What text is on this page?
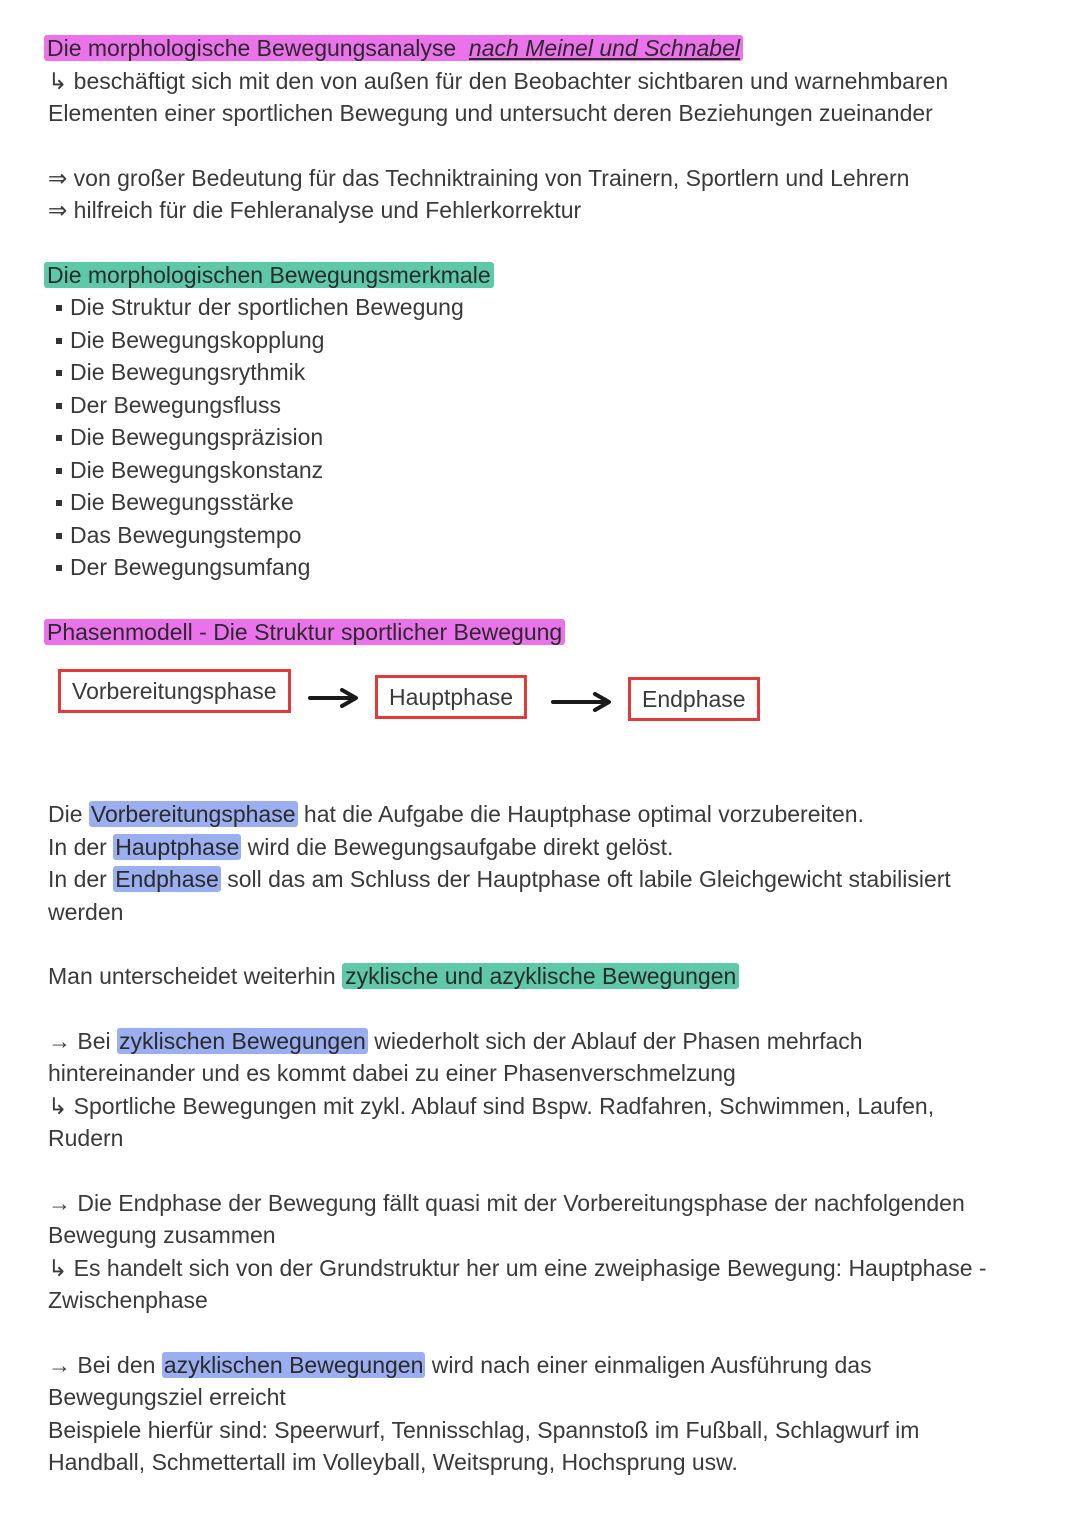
Die morphologische Bewegungsanalyse nach Meinel und Schnabel

↳ beschäftigt sich mit den von außen für den Beobachter sichtbaren und warnehmbaren

Elementen einer sportlichen Bewegung und untersucht deren Beziehungen zueinander

⇒ von großer Bedeutung für das Techniktraining von Trainern, Sportlern und Lehrern

⇒ hilfreich für die Fehleranalyse und Fehlerkorrektur

Die morphologischen Bewegungsmerkmale

Die Struktur der sportlichen Bewegung
Die Bewegungskopplung
Die Bewegungsrythmik
Der Bewegungsfluss
Die Bewegungspräzision
Die Bewegungskonstanz
Die Bewegungsstärke
Das Bewegungstempo
Der Bewegungsumfang

Phasenmodell - Die Struktur sportlicher Bewegung

Vorbereitungsphase	Hauptphase	Endphase

Die Vorbereitungsphase hat die Aufgabe die Hauptphase optimal vorzubereiten.

In der Hauptphase wird die Bewegungsaufgabe direkt gelöst.

In der Endphase soll das am Schluss der Hauptphase oft labile Gleichgewicht stabilisiert

werden

Man unterscheidet weiterhin zyklische und azyklische Bewegungen

→ Bei zyklischen Bewegungen wiederholt sich der Ablauf der Phasen mehrfach

hintereinander und es kommt dabei zu einer Phasenverschmelzung

↳ Sportliche Bewegungen mit zykl. Ablauf sind Bspw. Radfahren, Schwimmen, Laufen,

Rudern

→ Die Endphase der Bewegung fällt quasi mit der Vorbereitungsphase der nachfolgenden

Bewegung zusammen

↳ Es handelt sich von der Grundstruktur her um eine zweiphasige Bewegung: Hauptphase -

Zwischenphase

→ Bei den azyklischen Bewegungen wird nach einer einmaligen Ausführung das

Bewegungsziel erreicht

Beispiele hierfür sind: Speerwurf, Tennisschlag, Spannstoß im Fußball, Schlagwurf im

Handball, Schmettertall im Volleyball, Weitsprung, Hochsprung usw.
